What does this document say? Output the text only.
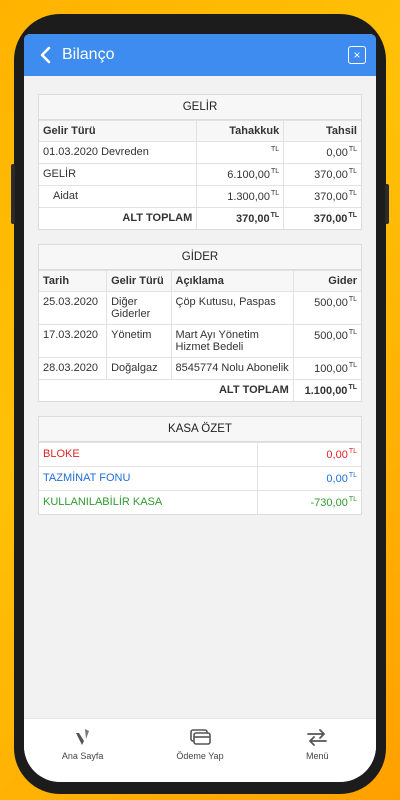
Bilanço	×
GELİR
Gelir Türü	Tahakkuk	Tahsil
01.03.2020 Devreden	$^{TL}$	$0,00^{TL}$
GELİR	$6.100,00^{TL}$	$370,00^{TL}$
Aidat	$1.300,00^{TL}$	$370,00^{TL}$
ALT TOPLAM	$370,00^{TL}$	$370,00^{TL}$
GİDER
Tarih	Gelir Türü	Açıklama	Gider
25.03.2020	Diğer Giderler	Çöp Kutusu, Paspas	$500,00^{TL}$
17.03.2020	Yönetim	Mart Ayı Yönetim Hizmet Bedeli	$500,00^{TL}$
28.03.2020	Doğalgaz	8545774 Nolu Abonelik	$100,00^{TL}$
ALT TOPLAM			$1.100,00^{TL}$
KASA ÖZET
BLOKE	$0,00^{TL}$
TAZMİNAT FONU	$0,00^{TL}$
KULLANILABİLİR KASA	$-730,00^{TL}$
Ana Sayfa	Ödeme Yap	Menü
